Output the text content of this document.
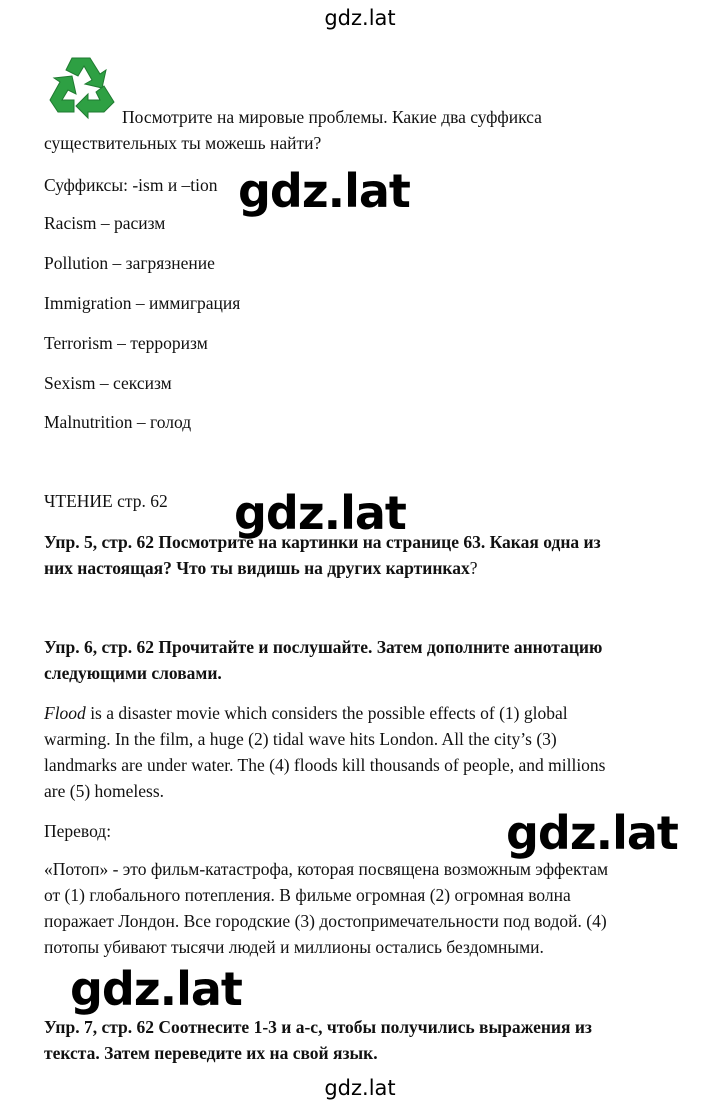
gdz.lat
Посмотрите на мировые проблемы. Какие два суффикса
существительных ты можешь найти?
Суффиксы: -ism и –tion gdz.lat
Racism – расизм
Pollution – загрязнение
Immigration – иммиграция
Terrorism – терроризм
Sexism – сексизм
Malnutrition – голод
ЧТЕНИЕ стр. 62	gdz.lat
Упр. 5, стр. 62 Посмотрите на картинки на странице 63. Какая одна из
них настоящая? Что ты видишь на других картинках?
Упр. 6, стр. 62 Прочитайте и послушайте. Затем дополните аннотацию
следующими словами.
Flood is a disaster movie which considers the possible effects of (1) global
warming. In the film, a huge (2) tidal wave hits London. All the city’s (3)
landmarks are under water. The (4) floods kill thousands of people, and millions
are (5) homeless.
Перевод:	gdz.lat
«Потоп» - это фильм-катастрофа, которая посвящена возможным эффектам
от (1) глобального потепления. В фильме огромная (2) огромная волна
поражает Лондон. Все городские (3) достопримечательности под водой. (4)
потопы убивают тысячи людей и миллионы остались бездомными.
gdz.lat
Упр. 7, стр. 62 Соотнесите 1-3 и a-c, чтобы получились выражения из
текста. Затем переведите их на свой язык.
gdz.lat
